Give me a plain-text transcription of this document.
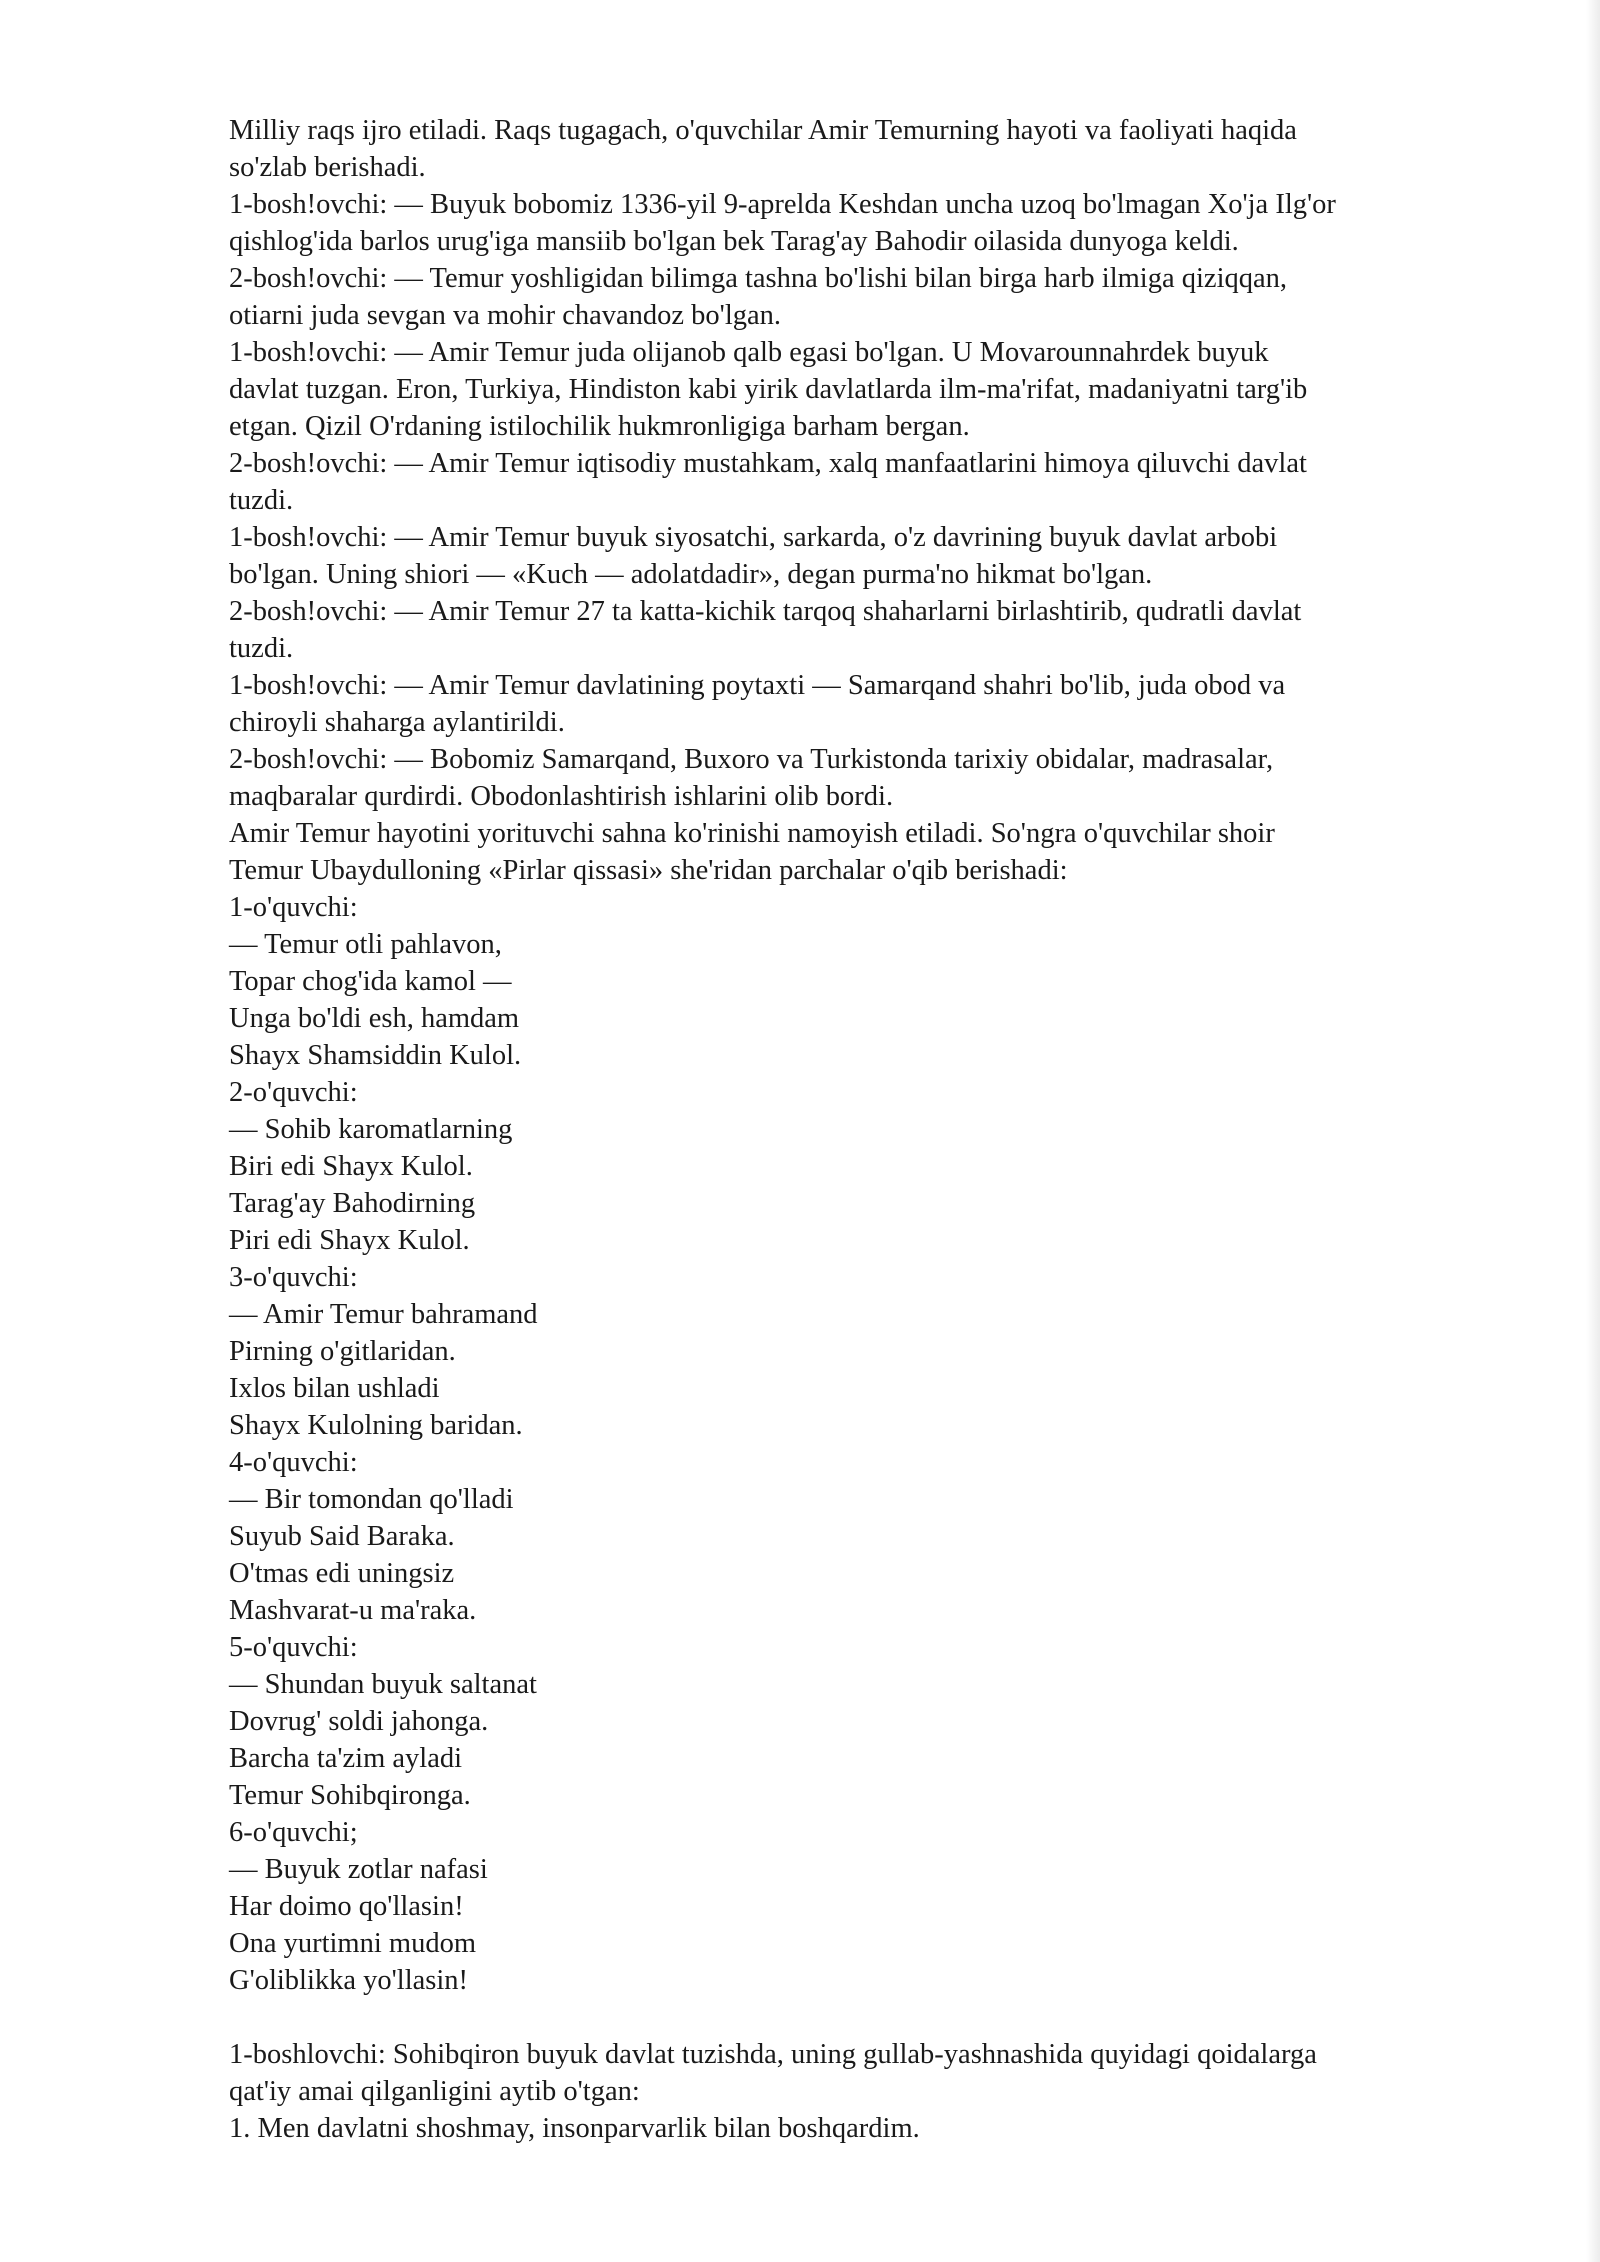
Milliy raqs ijro etiladi. Raqs tugagach, o'quvchilar Amir Temurning hayoti va faoliyati haqida
so'zlab berishadi.
1-bosh!ovchi: — Buyuk bobomiz 1336-yil 9-aprelda Keshdan uncha uzoq bo'lmagan Xo'ja Ilg'or
qishlog'ida barlos urug'iga mansiib bo'lgan bek Tarag'ay Bahodir oilasida dunyoga keldi.
2-bosh!ovchi: — Temur yoshligidan bilimga tashna bo'lishi bilan birga harb ilmiga qiziqqan,
otiarni juda sevgan va mohir chavandoz bo'lgan.
1-bosh!ovchi: — Amir Temur juda olijanob qalb egasi bo'lgan. U Movarounnahrdek buyuk
davlat tuzgan. Eron, Turkiya, Hindiston kabi yirik davlatlarda ilm-ma'rifat, madaniyatni targ'ib
etgan. Qizil O'rdaning istilochilik hukmronligiga barham bergan.
2-bosh!ovchi: — Amir Temur iqtisodiy mustahkam, xalq manfaatlarini himoya qiluvchi davlat
tuzdi.
1-bosh!ovchi: — Amir Temur buyuk siyosatchi, sarkarda, o'z davrining buyuk davlat arbobi
bo'lgan. Uning shiori — «Kuch — adolatdadir», degan purma'no hikmat bo'lgan.
2-bosh!ovchi: — Amir Temur 27 ta katta-kichik tarqoq shaharlarni birlashtirib, qudratli davlat
tuzdi.
1-bosh!ovchi: — Amir Temur davlatining poytaxti — Samarqand shahri bo'lib, juda obod va
chiroyli shaharga aylantirildi.
2-bosh!ovchi: — Bobomiz Samarqand, Buxoro va Turkistonda tarixiy obidalar, madrasalar,
maqbaralar qurdirdi. Obodonlashtirish ishlarini olib bordi.
Amir Temur hayotini yorituvchi sahna ko'rinishi namoyish etiladi. So'ngra o'quvchilar shoir
Temur Ubaydulloning «Pirlar qissasi» she'ridan parchalar o'qib berishadi:
1-o'quvchi:
— Temur otli pahlavon,
Topar chog'ida kamol —
Unga bo'ldi esh, hamdam
Shayx Shamsiddin Kulol.
2-o'quvchi:
— Sohib karomatlarning
Biri edi Shayx Kulol.
Tarag'ay Bahodirning
Piri edi Shayx Kulol.
3-o'quvchi:
— Amir Temur bahramand
Pirning o'gitlaridan.
Ixlos bilan ushladi
Shayx Kulolning baridan.
4-o'quvchi:
— Bir tomondan qo'lladi
Suyub Said Baraka.
O'tmas edi uningsiz
Mashvarat-u ma'raka.
5-o'quvchi:
— Shundan buyuk saltanat
Dovrug' soldi jahonga.
Barcha ta'zim ayladi
Temur Sohibqironga.
6-o'quvchi;
— Buyuk zotlar nafasi
Har doimo qo'llasin!
Ona yurtimni mudom
G'oliblikka yo'llasin!
1-boshlovchi: Sohibqiron buyuk davlat tuzishda, uning gullab-yashnashida quyidagi qoidalarga
qat'iy amai qilganligini aytib o'tgan:
1. Men davlatni shoshmay, insonparvarlik bilan boshqardim.
